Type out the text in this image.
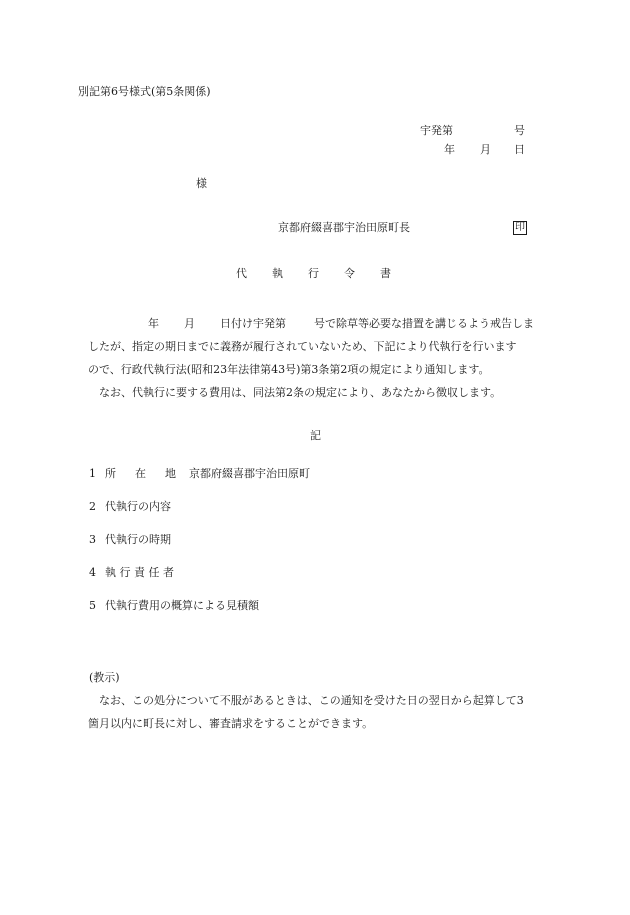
別記第6号様式(第5条関係)
宇発第	号
年 月 日
様
京都府綴喜郡宇治田原町長	印
代 執 行 令 書
年 月 日付け宇発第	号で除草等必要な措置を講じるよう戒告しま
したが、指定の期日までに義務が履行されていないため、下記により代執行を行います
ので、行政代執行法(昭和23年法律第43号)第3条第2項の規定により通知します。
なお、代執行に要する費用は、同法第2条の規定により、あなたから徴収します。
記
1 所 在 地 京都府綴喜郡宇治田原町
2 代執行の内容
3 代執行の時期
4 執 行 責 任 者
5 代執行費用の概算による見積額
(教示)
なお、この処分について不服があるときは、この通知を受けた日の翌日から起算して3
箇月以内に町長に対し、審査請求をすることができます。
